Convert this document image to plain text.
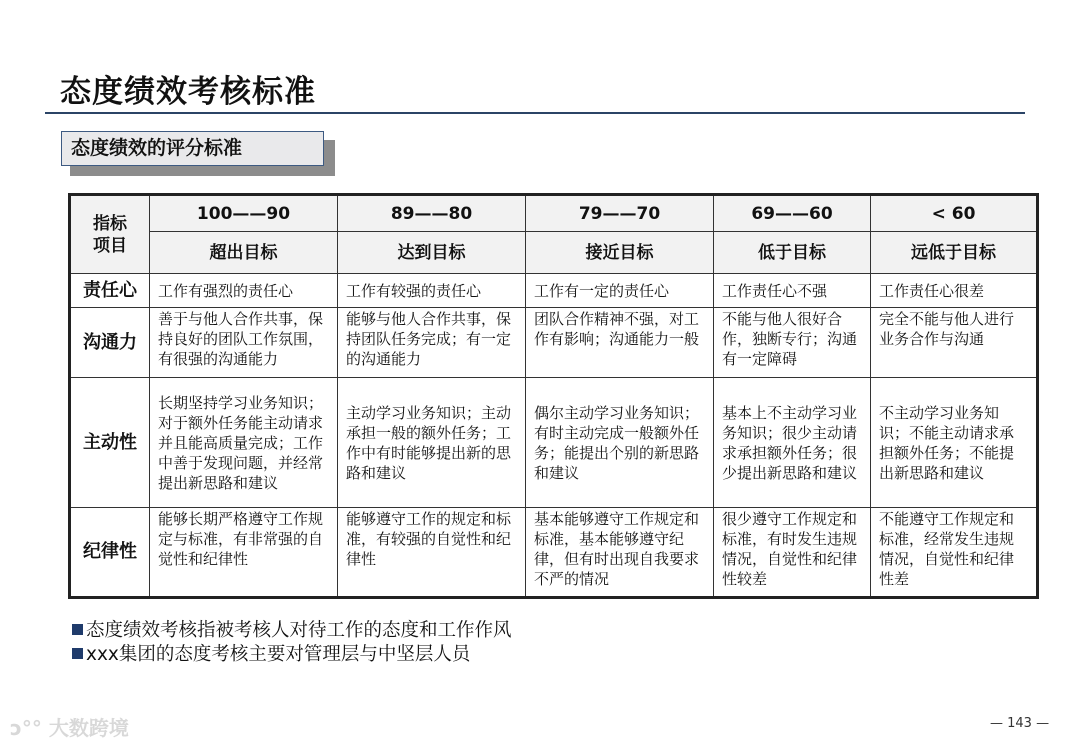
态度绩效考核标准
态度绩效的评分标准
指标
项目	100——90	89——80	79——70	69——60	< 60
	超出目标	达到目标	接近目标	低于目标	远低于目标
责任心	工作有强烈的责任心	工作有较强的责任心	工作有一定的责任心	工作责任心不强	工作责任心很差
沟通力	善于与他人合作共事，保持良好的团队工作氛围，有很强的沟通能力	能够与他人合作共事，保持团队任务完成；有一定的沟通能力	团队合作精神不强，对工作有影响；沟通能力一般	不能与他人很好合作，独断专行；沟通有一定障碍	完全不能与他人进行业务合作与沟通
主动性	长期坚持学习业务知识；对于额外任务能主动请求并且能高质量完成；工作中善于发现问题，并经常提出新思路和建议	主动学习业务知识；主动承担一般的额外任务；工作中有时能够提出新的思路和建议	偶尔主动学习业务知识；有时主动完成一般额外任务；能提出个别的新思路和建议	基本上不主动学习业务知识；很少主动请求承担额外任务；很少提出新思路和建议	不主动学习业务知识；不能主动请求承担额外任务；不能提出新思路和建议
纪律性	能够长期严格遵守工作规定与标准，有非常强的自觉性和纪律性	能够遵守工作的规定和标准，有较强的自觉性和纪律性	基本能够遵守工作规定和标准，基本能够遵守纪律，但有时出现自我要求不严的情况	很少遵守工作规定和标准，有时发生违规情况，自觉性和纪律性较差	不能遵守工作规定和标准，经常发生违规情况，自觉性和纪律性差
态度绩效考核指被考核人对待工作的态度和工作作风
xxx集团的态度考核主要对管理层与中坚层人员
ↄ°° 大数跨境	— 143 —
